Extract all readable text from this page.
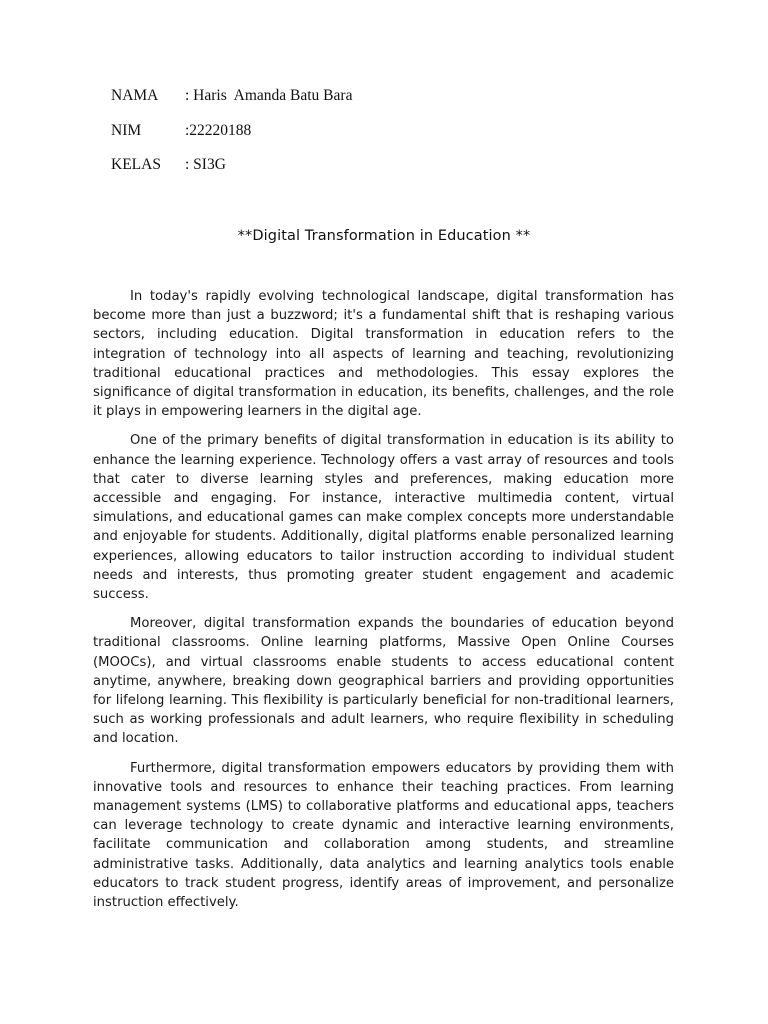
NAMA : Haris  Amanda Batu Bara
NIM	:22220188
KELAS : SI3G
**Digital Transformation in Education **

In today's rapidly evolving technological landscape, digital transformation has become more than just a buzzword; it's a fundamental shift that is reshaping various sectors, including education. Digital transformation in education refers to the integration of technology into all aspects of learning and teaching, revolutionizing traditional educational practices and methodologies. This essay explores the significance of digital transformation in education, its benefits, challenges, and the role it plays in empowering learners in the digital age.

One of the primary benefits of digital transformation in education is its ability to enhance the learning experience. Technology offers a vast array of resources and tools that cater to diverse learning styles and preferences, making education more accessible and engaging. For instance, interactive multimedia content, virtual simulations, and educational games can make complex concepts more understandable and enjoyable for students. Additionally, digital platforms enable personalized learning experiences, allowing educators to tailor instruction according to individual student needs and interests, thus promoting greater student engagement and academic success.

Moreover, digital transformation expands the boundaries of education beyond traditional classrooms. Online learning platforms, Massive Open Online Courses (MOOCs), and virtual classrooms enable students to access educational content anytime, anywhere, breaking down geographical barriers and providing opportunities for lifelong learning. This flexibility is particularly beneficial for non-traditional learners, such as working professionals and adult learners, who require flexibility in scheduling and location.

Furthermore, digital transformation empowers educators by providing them with innovative tools and resources to enhance their teaching practices. From learning management systems (LMS) to collaborative platforms and educational apps, teachers can leverage technology to create dynamic and interactive learning environments, facilitate communication and collaboration among students, and streamline administrative tasks. Additionally, data analytics and learning analytics tools enable educators to track student progress, identify areas of improvement, and personalize instruction effectively.
